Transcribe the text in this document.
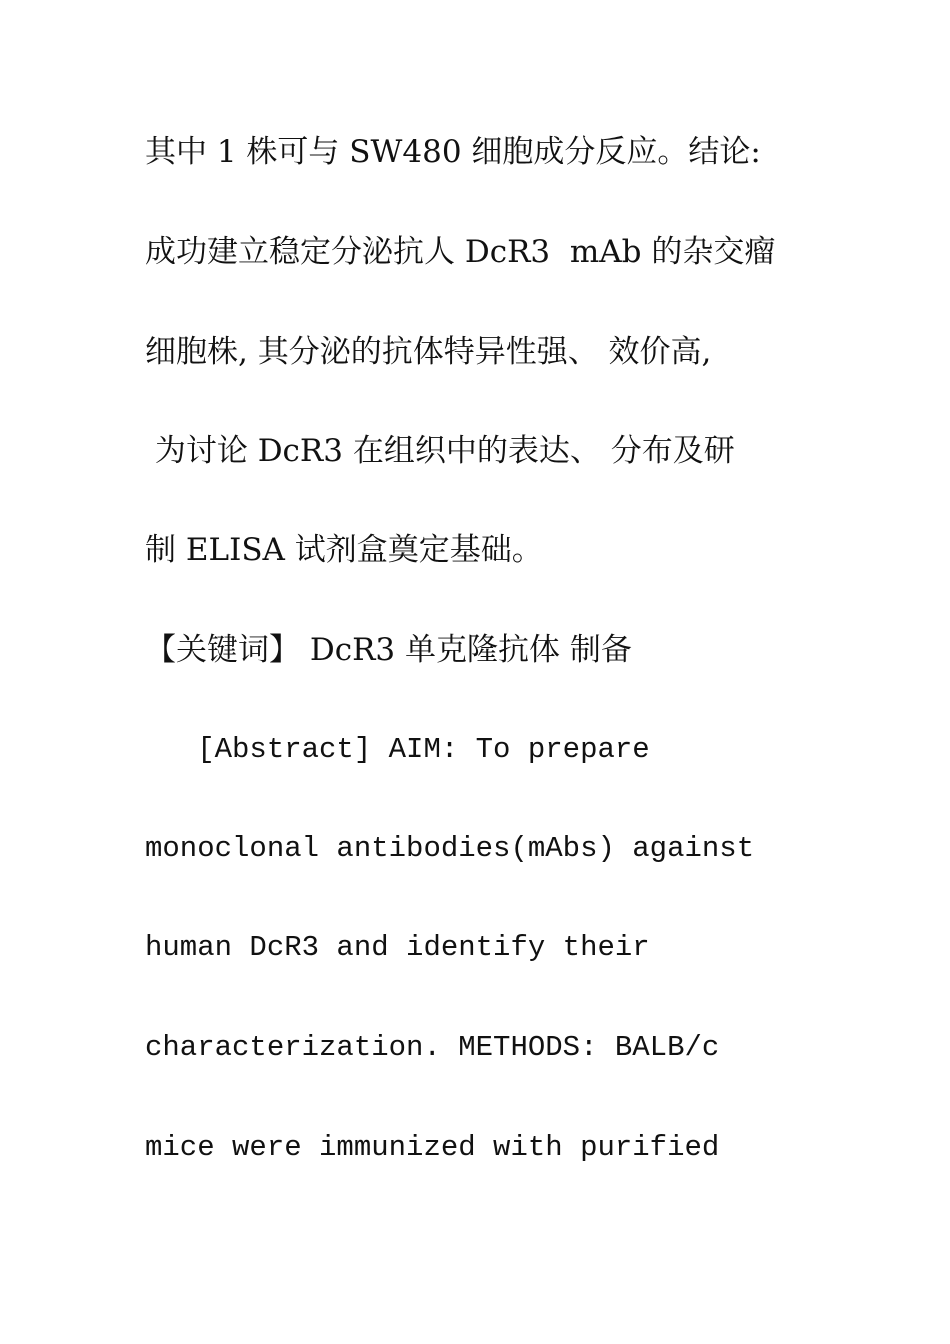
其中 1 株可与 SW480 细胞成分反应。结论:
成功建立稳定分泌抗人 DcR3  mAb 的杂交瘤
细胞株, 其分泌的抗体特异性强、 效价高,
为讨论 DcR3 在组织中的表达、 分布及研
制 ELISA 试剂盒奠定基础。
【关键词】 DcR3 单克隆抗体 制备
[Abstract] AIM: To prepare
monoclonal antibodies(mAbs) against
human DcR3 and identify their
characterization. METHODS: BALB/c
mice were immunized with purified
